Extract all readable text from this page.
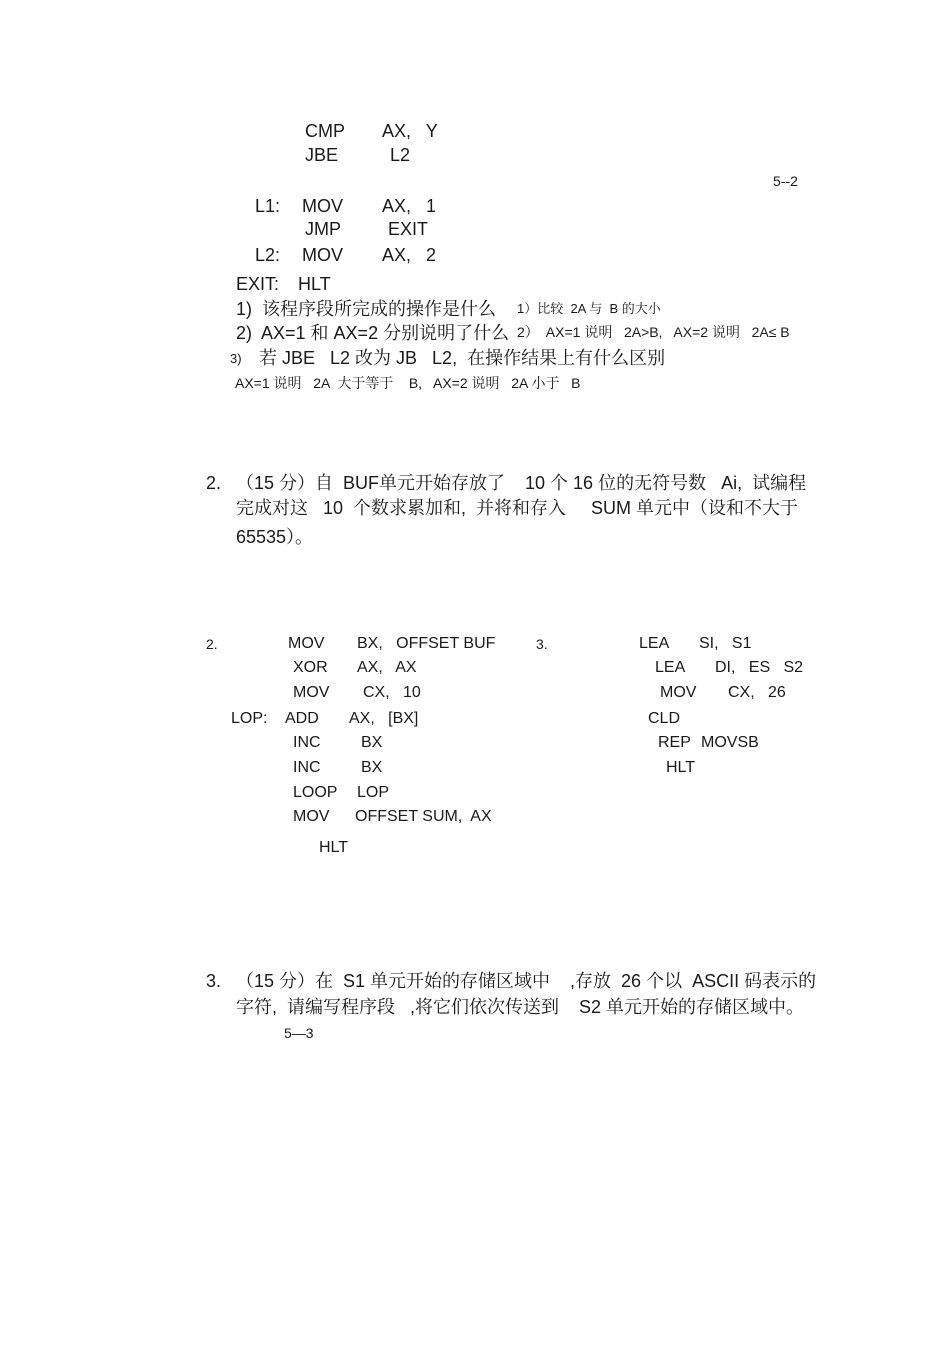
5--2
CMP AX,   Y
JBE	L2
L1: MOV AX,   1
JMP	EXIT
L2: MOV AX,   2
EXIT: HLT
1)  该程序段所完成的操作是什么 1）比较  2A 与  B 的大小
2)  AX=1 和 AX=2 分别说明了什么 2）  AX=1 说明   2A>B,   AX=2 说明   2A≤ B
3) 若 JBE   L2 改为 JB   L2,  在操作结果上有什么区别
AX=1 说明   2A  大于等于    B,   AX=2 说明   2A 小于   B
2. （15 分）自  BUF单元开始存放了    10 个 16 位的无符号数   Ai,  试编程
完成对这   10  个数求累加和,  并将和存入     SUM 单元中（设和不大于
65535）。
2.	MOV BX,   OFFSET BUF
XOR AX,   AX
MOV CX,   10
LOP: ADD AX,   [BX]
INC	BX
INC	BX
LOOP LOP
MOV OFFSET SUM,  AX
HLT
3.	LEA SI,   S1
LEA DI,   ES   S2
MOV CX,   26
CLD
REP MOVSB
HLT
3. （15 分）在  S1 单元开始的存储区域中    ,存放  26 个以  ASCII 码表示的
字符,  请编写程序段   ,将它们依次传送到    S2 单元开始的存储区域中。
5—3
